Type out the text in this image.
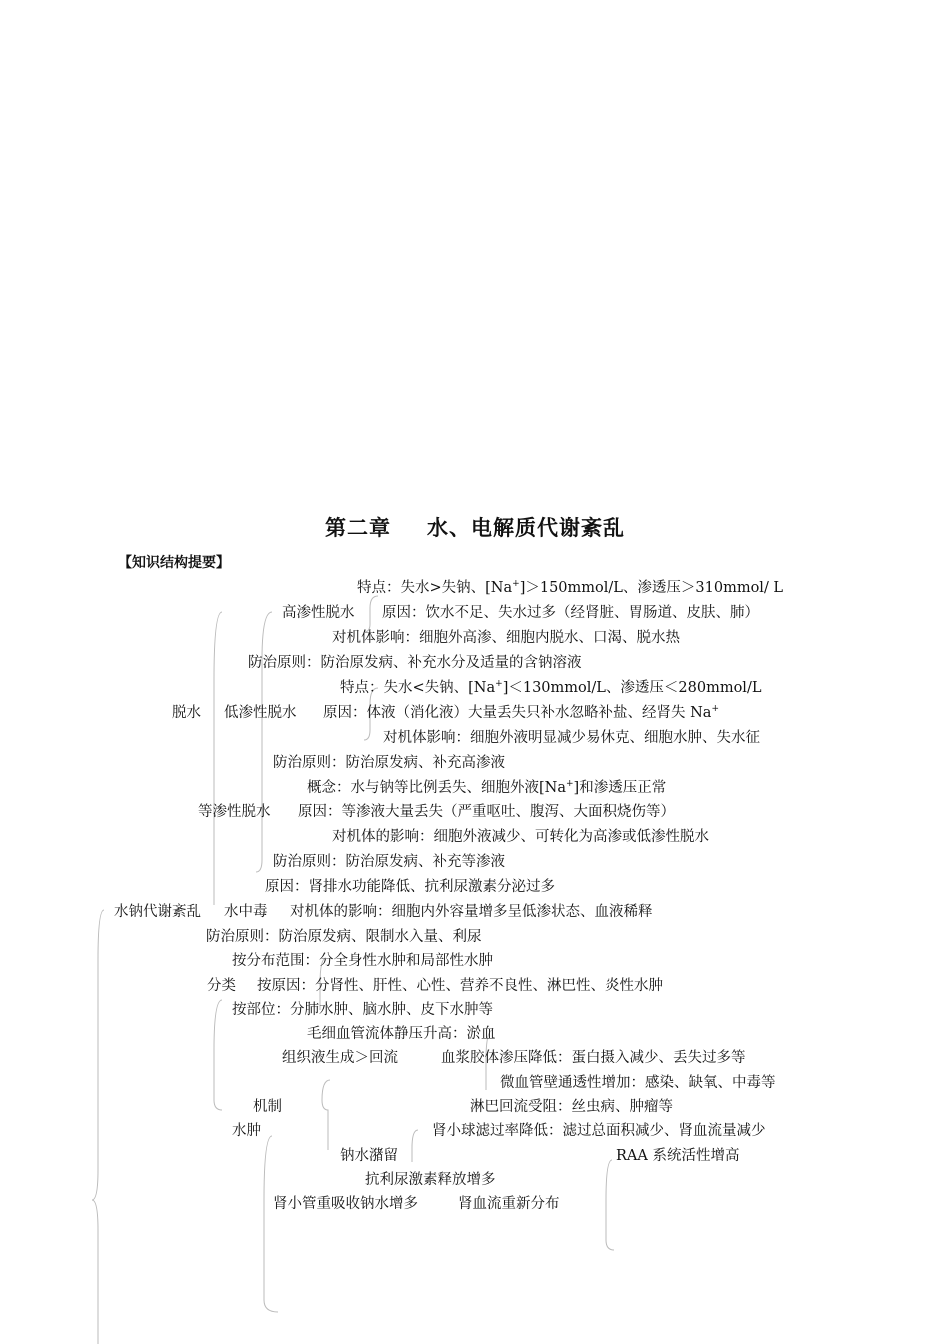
第二章 水、电解质代谢紊乱
【知识结构提要】
特点：失水>失钠、[Na+]＞150mmol/L、渗透压＞310mmol/ L
高渗性脱水 原因：饮水不足、失水过多（经肾脏、胃肠道、皮肤、肺）
对机体影响：细胞外高渗、细胞内脱水、口渴、脱水热
防治原则：防治原发病、补充水分及适量的含钠溶液
特点：失水<失钠、[Na+]＜130mmol/L、渗透压＜280mmol/L
脱水 低渗性脱水 原因：体液（消化液）大量丢失只补水忽略补盐、经肾失 Na+
对机体影响：细胞外液明显减少易休克、细胞水肿、失水征
防治原则：防治原发病、补充高渗液
概念：水与钠等比例丢失、细胞外液[Na+]和渗透压正常
等渗性脱水 原因：等渗液大量丢失（严重呕吐、腹泻、大面积烧伤等）
对机体的影响：细胞外液减少、可转化为高渗或低渗性脱水
防治原则：防治原发病、补充等渗液
原因：肾排水功能降低、抗利尿激素分泌过多
水钠代谢紊乱 水中毒 对机体的影响：细胞内外容量增多呈低渗状态、血液稀释
防治原则：防治原发病、限制水入量、利尿
按分布范围：分全身性水肿和局部性水肿
分类 按原因：分肾性、肝性、心性、营养不良性、淋巴性、炎性水肿
按部位：分肺水肿、脑水肿、皮下水肿等
毛细血管流体静压升高：淤血
组织液生成＞回流	血浆胶体渗压降低：蛋白摄入减少、丢失过多等
微血管壁通透性增加：感染、缺氧、中毒等
机制	淋巴回流受阻：丝虫病、肿瘤等
水肿	肾小球滤过率降低：滤过总面积减少、肾血流量减少
钠水潴留	RAA 系统活性增高
抗利尿激素释放增多
肾小管重吸收钠水增多	肾血流重新分布
